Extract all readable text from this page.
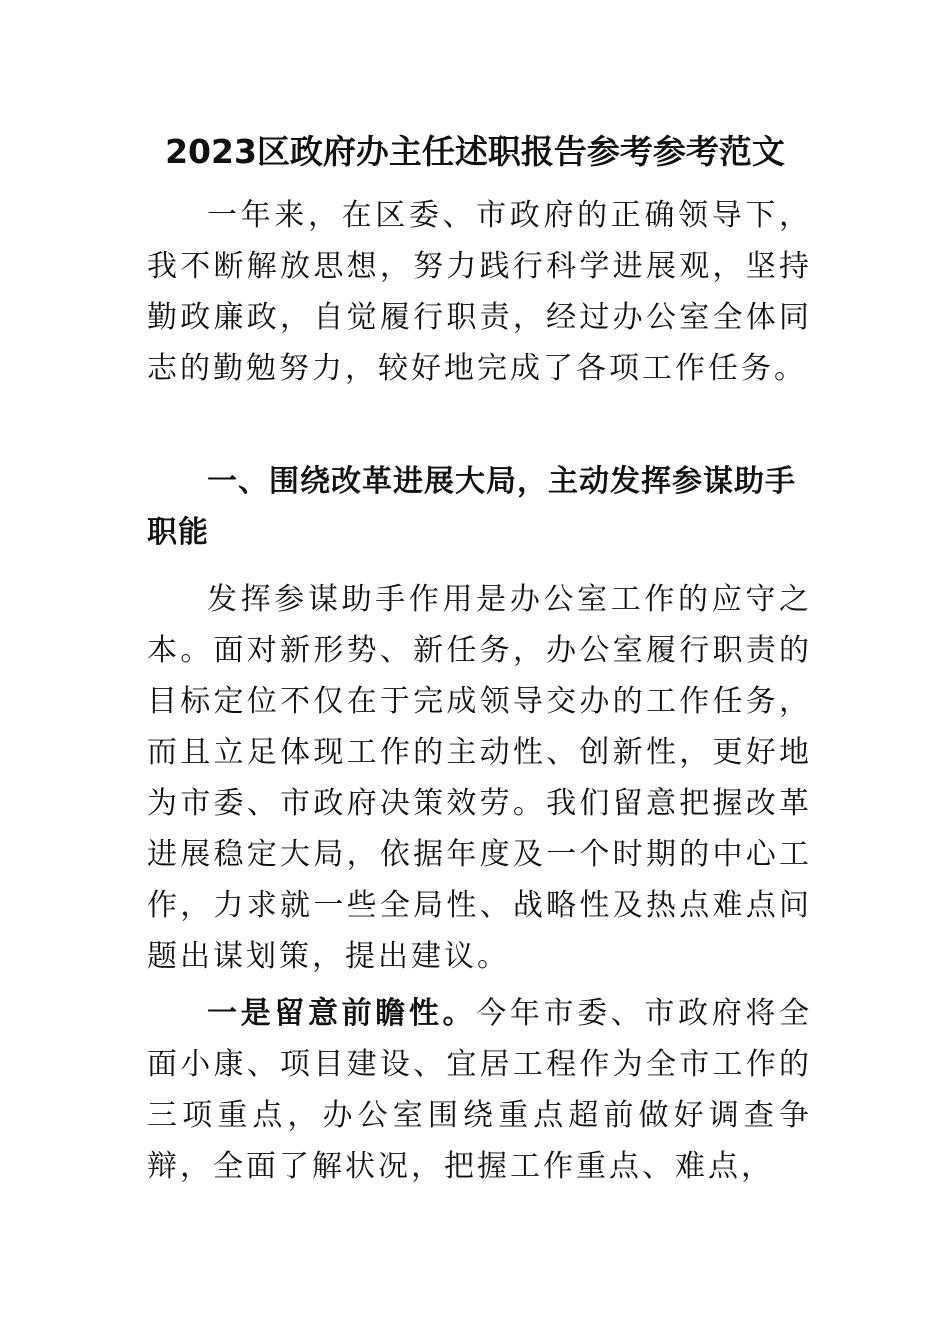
2023区政府办主任述职报告参考参考范文
一年来，在区委、市政府的正确领导下，我不断解放思想，努力践行科学进展观，坚持勤政廉政，自觉履行职责，经过办公室全体同志的勤勉努力，较好地完成了各项工作任务。
一、围绕改革进展大局，主动发挥参谋助手职能
发挥参谋助手作用是办公室工作的应守之本。面对新形势、新任务，办公室履行职责的目标定位不仅在于完成领导交办的工作任务，而且立足体现工作的主动性、创新性，更好地为市委、市政府决策效劳。我们留意把握改革进展稳定大局，依据年度及一个时期的中心工作，力求就一些全局性、战略性及热点难点问题出谋划策，提出建议。
一是留意前瞻性。今年市委、市政府将全面小康、项目建设、宜居工程作为全市工作的三项重点，办公室围绕重点超前做好调查争辩，全面了解状况，把握工作重点、难点，
